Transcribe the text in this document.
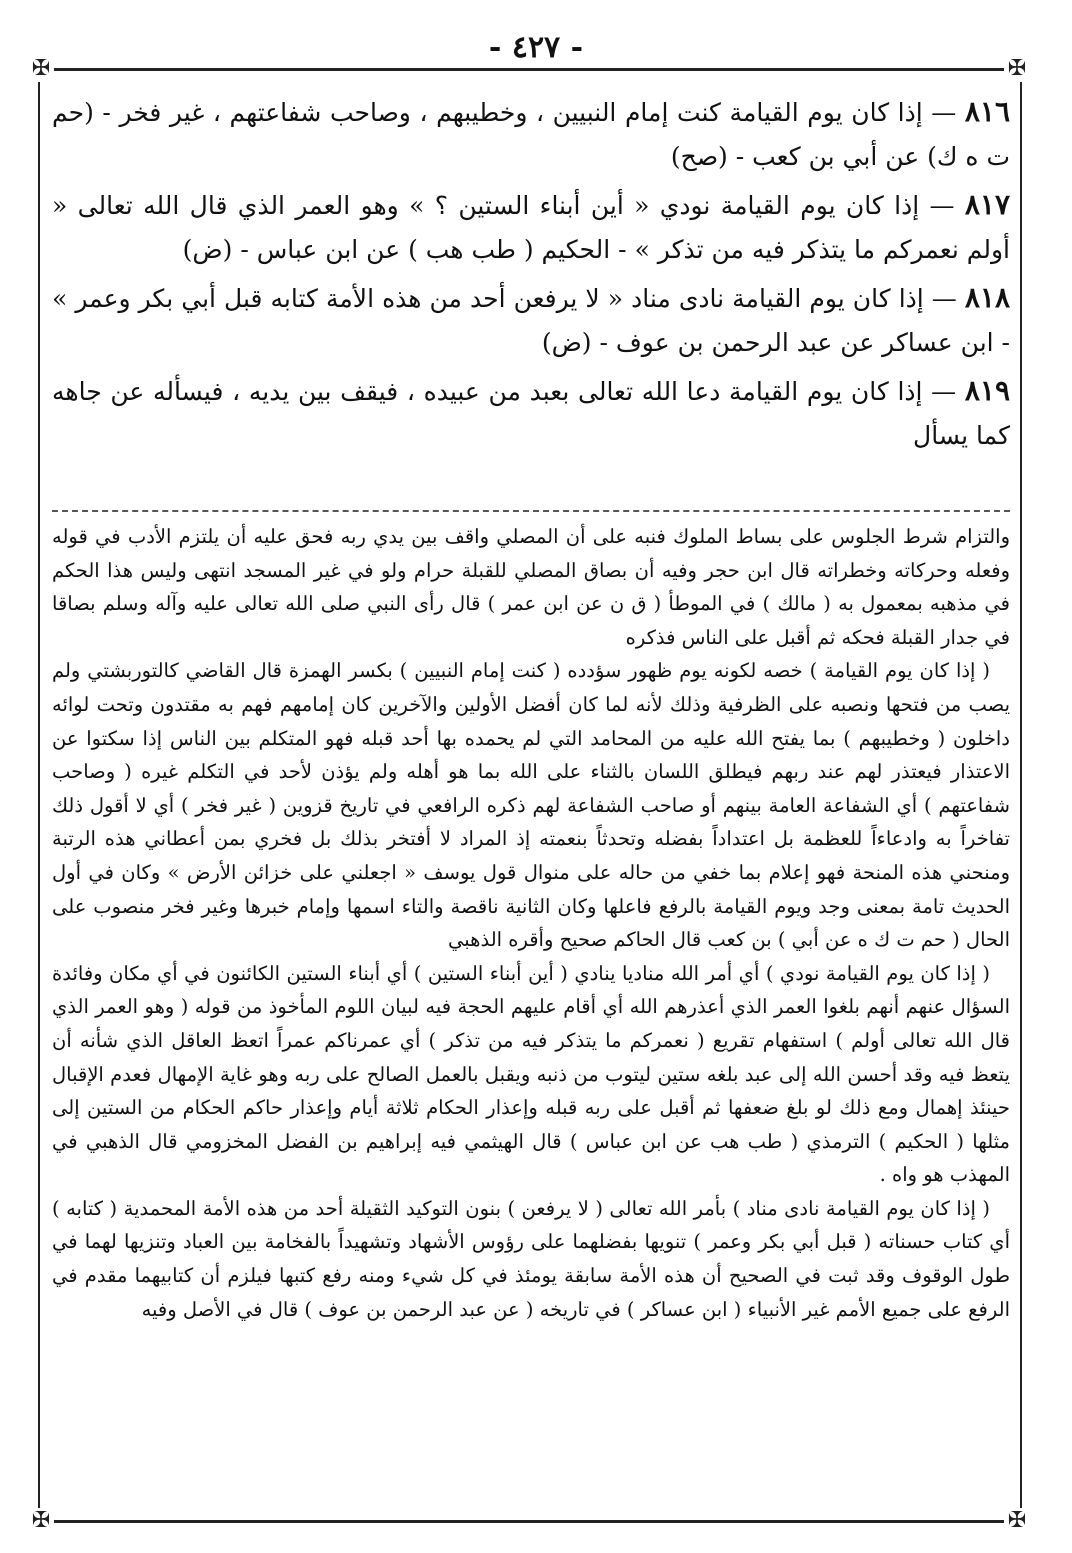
- ٤٢٧ -
✠	✠
✠	✠

٨١٦ — إذا كان يوم القيامة كنت إمام النبيين ، وخطيبهم ، وصاحب شفاعتهم ، غير فخر - (حم ت ه ك) عن أبي بن كعب - (صح)

٨١٧ — إذا كان يوم القيامة نودي « أين أبناء الستين ؟ » وهو العمر الذي قال الله تعالى « أولم نعمركم ما يتذكر فيه من تذكر » - الحكيم ( طب هب ) عن ابن عباس - (ض)

٨١٨ — إذا كان يوم القيامة نادى مناد « لا يرفعن أحد من هذه الأمة كتابه قبل أبي بكر وعمر » - ابن عساكر عن عبد الرحمن بن عوف - (ض)

٨١٩ — إذا كان يوم القيامة دعا الله تعالى بعبد من عبيده ، فيقف بين يديه ، فيسأله عن جاهه كما يسأل

والتزام شرط الجلوس على بساط الملوك فنبه على أن المصلي واقف بين يدي ربه فحق عليه أن يلتزم الأدب في قوله وفعله وحركاته وخطراته قال ابن حجر وفيه أن بصاق المصلي للقبلة حرام ولو في غير المسجد انتهى وليس هذا الحكم في مذهبه بمعمول به ( مالك ) في الموطأ ( ق ن عن ابن عمر ) قال رأى النبي صلى الله تعالى عليه وآله وسلم بصاقا في جدار القبلة فحكه ثم أقبل على الناس فذكره

( إذا كان يوم القيامة ) خصه لكونه يوم ظهور سؤدده ( كنت إمام النبيين ) بكسر الهمزة قال القاضي كالتوربشتي ولم يصب من فتحها ونصبه على الظرفية وذلك لأنه لما كان أفضل الأولين والآخرين كان إمامهم فهم به مقتدون وتحت لوائه داخلون ( وخطيبهم ) بما يفتح الله عليه من المحامد التي لم يحمده بها أحد قبله فهو المتكلم بين الناس إذا سكتوا عن الاعتذار فيعتذر لهم عند ربهم فيطلق اللسان بالثناء على الله بما هو أهله ولم يؤذن لأحد في التكلم غيره ( وصاحب شفاعتهم ) أي الشفاعة العامة بينهم أو صاحب الشفاعة لهم ذكره الرافعي في تاريخ قزوين ( غير فخر ) أي لا أقول ذلك تفاخراً به وادعاءاً للعظمة بل اعتداداً بفضله وتحدثاً بنعمته إذ المراد لا أفتخر بذلك بل فخري بمن أعطاني هذه الرتبة ومنحني هذه المنحة فهو إعلام بما خفي من حاله على منوال قول يوسف « اجعلني على خزائن الأرض » وكان في أول الحديث تامة بمعنى وجد ويوم القيامة بالرفع فاعلها وكان الثانية ناقصة والتاء اسمها وإمام خبرها وغير فخر منصوب على الحال ( حم ت ك ه عن أبي ) بن كعب قال الحاكم صحيح وأقره الذهبي

( إذا كان يوم القيامة نودي ) أي أمر الله مناديا ينادي ( أين أبناء الستين ) أي أبناء الستين الكائنون في أي مكان وفائدة السؤال عنهم أنهم بلغوا العمر الذي أعذرهم الله أي أقام عليهم الحجة فيه لبيان اللوم المأخوذ من قوله ( وهو العمر الذي قال الله تعالى أولم ) استفهام تقريع ( نعمركم ما يتذكر فيه من تذكر ) أي عمرناكم عمراً اتعظ العاقل الذي شأنه أن يتعظ فيه وقد أحسن الله إلى عبد بلغه ستين ليتوب من ذنبه ويقبل بالعمل الصالح على ربه وهو غاية الإمهال فعدم الإقبال حينئذ إهمال ومع ذلك لو بلغ ضعفها ثم أقبل على ربه قبله وإعذار الحكام ثلاثة أيام وإعذار حاكم الحكام من الستين إلى مثلها ( الحكيم ) الترمذي ( طب هب عن ابن عباس ) قال الهيثمي فيه إبراهيم بن الفضل المخزومي قال الذهبي في المهذب هو واه .

( إذا كان يوم القيامة نادى مناد ) بأمر الله تعالى ( لا يرفعن ) بنون التوكيد الثقيلة أحد من هذه الأمة المحمدية ( كتابه ) أي كتاب حسناته ( قبل أبي بكر وعمر ) تنويها بفضلهما على رؤوس الأشهاد وتشهيداً بالفخامة بين العباد وتنزيها لهما في طول الوقوف وقد ثبت في الصحيح أن هذه الأمة سابقة يومئذ في كل شيء ومنه رفع كتبها فيلزم أن كتابيهما مقدم في الرفع على جميع الأمم غير الأنبياء ( ابن عساكر ) في تاريخه ( عن عبد الرحمن بن عوف ) قال في الأصل وفيه
